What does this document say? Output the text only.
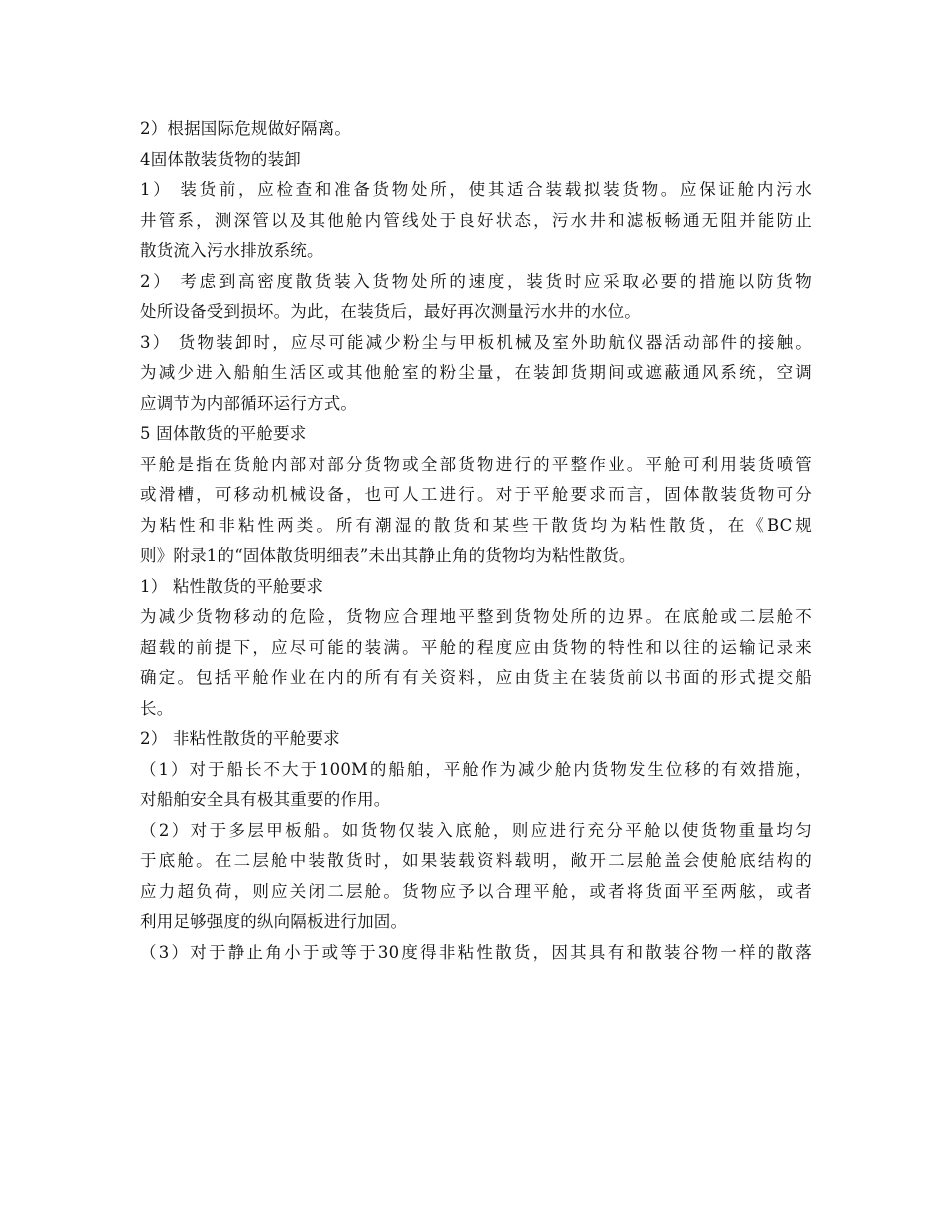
2）根据国际危规做好隔离。
4固体散装货物的装卸
1） 装货前，应检查和准备货物处所，使其适合装载拟装货物。应保证舱内污水
井管系，测深管以及其他舱内管线处于良好状态，污水井和滤板畅通无阻并能防止
散货流入污水排放系统。
2） 考虑到高密度散货装入货物处所的速度，装货时应采取必要的措施以防货物
处所设备受到损坏。为此，在装货后，最好再次测量污水井的水位。
3） 货物装卸时，应尽可能减少粉尘与甲板机械及室外助航仪器活动部件的接触。
为减少进入船舶生活区或其他舱室的粉尘量，在装卸货期间或遮蔽通风系统，空调
应调节为内部循环运行方式。
5 固体散货的平舱要求
平舱是指在货舱内部对部分货物或全部货物进行的平整作业。平舱可利用装货喷管
或滑槽，可移动机械设备，也可人工进行。对于平舱要求而言，固体散装货物可分
为粘性和非粘性两类。所有潮湿的散货和某些干散货均为粘性散货，在《BC规
则》附录1的“固体散货明细表”未出其静止角的货物均为粘性散货。
1） 粘性散货的平舱要求
为减少货物移动的危险，货物应合理地平整到货物处所的边界。在底舱或二层舱不
超载的前提下，应尽可能的装满。平舱的程度应由货物的特性和以往的运输记录来
确定。包括平舱作业在内的所有有关资料，应由货主在装货前以书面的形式提交船
长。
2） 非粘性散货的平舱要求
（1）对于船长不大于100M的船舶，平舱作为减少舱内货物发生位移的有效措施，
对船舶安全具有极其重要的作用。
（2）对于多层甲板船。如货物仅装入底舱，则应进行充分平舱以使货物重量均匀
于底舱。在二层舱中装散货时，如果装载资料载明，敞开二层舱盖会使舱底结构的
应力超负荷，则应关闭二层舱。货物应予以合理平舱，或者将货面平至两舷，或者
利用足够强度的纵向隔板进行加固。
（3）对于静止角小于或等于30度得非粘性散货，因其具有和散装谷物一样的散落
